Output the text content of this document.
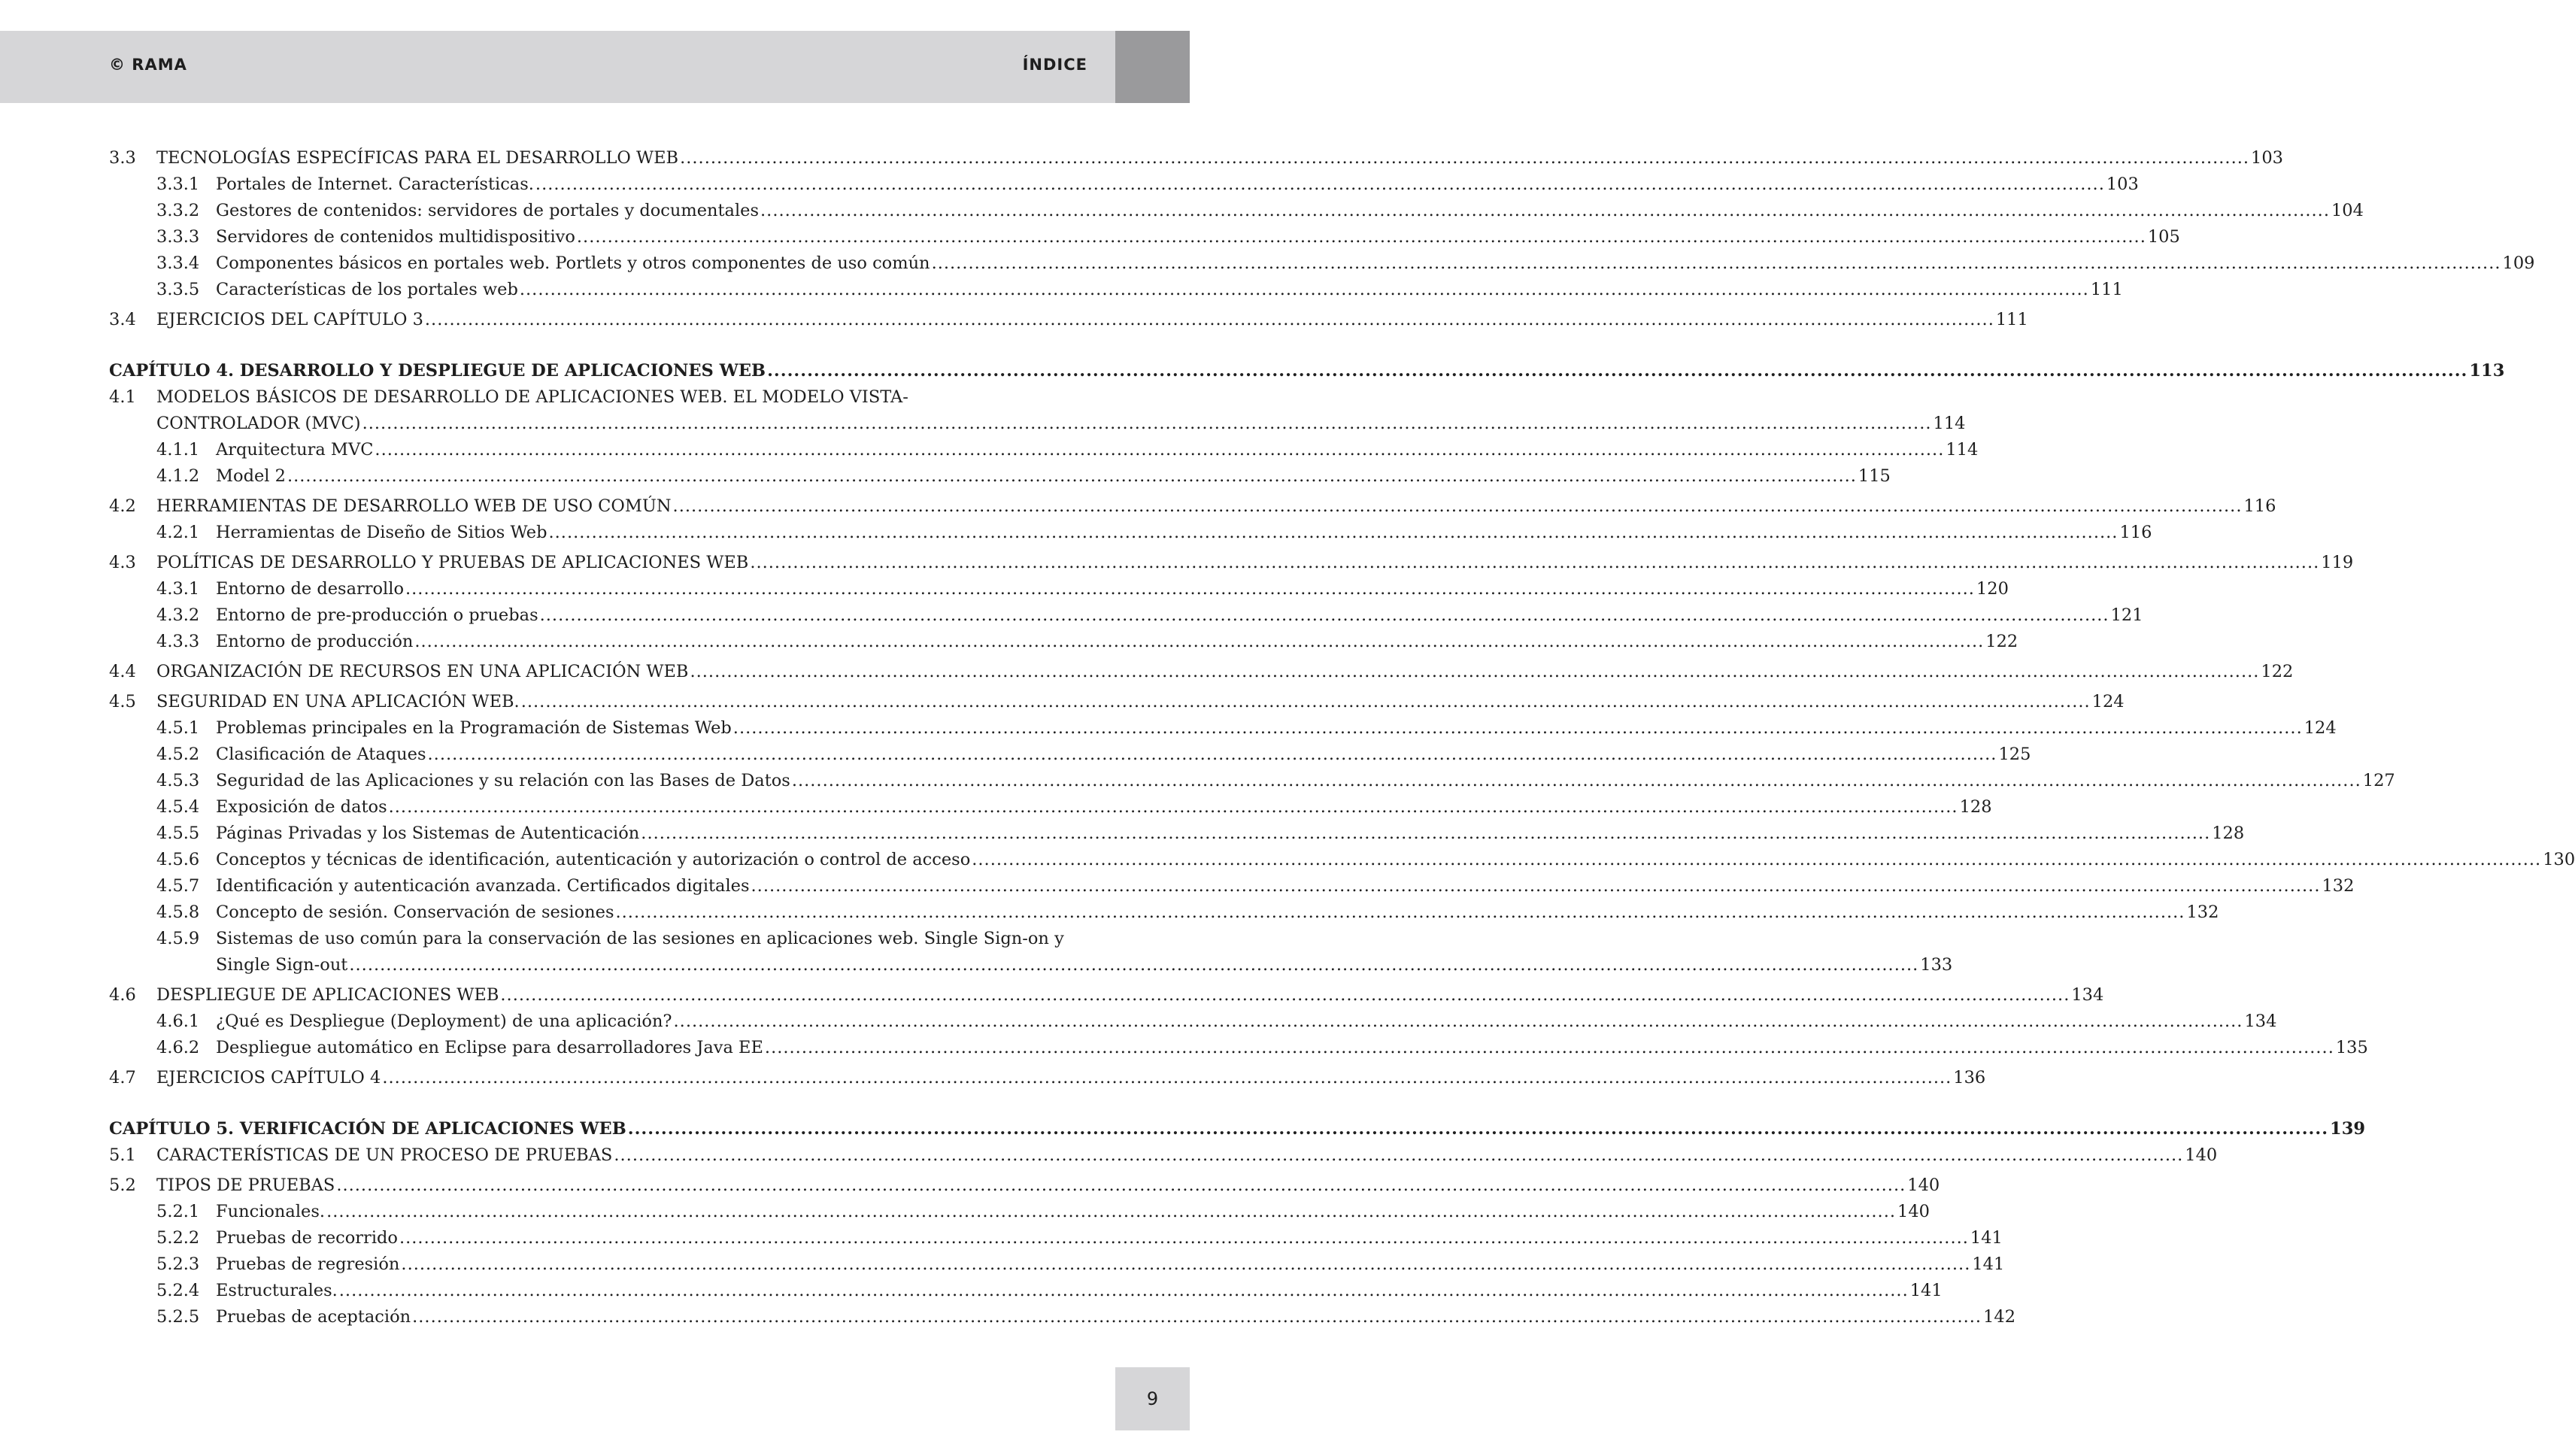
© RAMA	ÍNDICE
3.3	TECNOLOGÍAS ESPECÍFICAS PARA EL DESARROLLO WEB .....	103
3.3.1 Portales de Internet. Características. .....	103
3.3.2 Gestores de contenidos: servidores de portales y documentales .....	104
3.3.3 Servidores de contenidos multidispositivo .....	105
3.3.4 Componentes básicos en portales web. Portlets y otros componentes de uso común .....	109
3.3.5 Características de los portales web .....	111
3.4	EJERCICIOS DEL CAPÍTULO 3 .....	111
CAPÍTULO 4. DESARROLLO Y DESPLIEGUE DE APLICACIONES WEB .....	113
4.1	MODELOS BÁSICOS DE DESARROLLO DE APLICACIONES WEB. EL MODELO VISTA-
CONTROLADOR (MVC) .....	114
4.1.1 Arquitectura MVC .....	114
4.1.2 Model 2 .....	115
4.2	HERRAMIENTAS DE DESARROLLO WEB DE USO COMÚN .....	116
4.2.1 Herramientas de Diseño de Sitios Web .....	116
4.3	POLÍTICAS DE DESARROLLO Y PRUEBAS DE APLICACIONES WEB .....	119
4.3.1 Entorno de desarrollo .....	120
4.3.2 Entorno de pre-producción o pruebas .....	121
4.3.3 Entorno de producción .....	122
4.4	ORGANIZACIÓN DE RECURSOS EN UNA APLICACIÓN WEB .....	122
4.5	SEGURIDAD EN UNA APLICACIÓN WEB. .....	124
4.5.1 Problemas principales en la Programación de Sistemas Web .....	124
4.5.2 Clasificación de Ataques .....	125
4.5.3 Seguridad de las Aplicaciones y su relación con las Bases de Datos .....	127
4.5.4 Exposición de datos .....	128
4.5.5 Páginas Privadas y los Sistemas de Autenticación .....	128
4.5.6 Conceptos y técnicas de identificación, autenticación y autorización o control de acceso .....	130
4.5.7 Identificación y autenticación avanzada. Certificados digitales .....	132
4.5.8 Concepto de sesión. Conservación de sesiones .....	132
4.5.9 Sistemas de uso común para la conservación de las sesiones en aplicaciones web. Single Sign-on y
Single Sign-out .....	133
4.6	DESPLIEGUE DE APLICACIONES WEB .....	134
4.6.1 ¿Qué es Despliegue (Deployment) de una aplicación? .....	134
4.6.2 Despliegue automático en Eclipse para desarrolladores Java EE .....	135
4.7	EJERCICIOS CAPÍTULO 4 .....	136
CAPÍTULO 5. VERIFICACIÓN DE APLICACIONES WEB .....	139
5.1	CARACTERÍSTICAS DE UN PROCESO DE PRUEBAS .....	140
5.2	TIPOS DE PRUEBAS .....	140
5.2.1 Funcionales. .....	140
5.2.2 Pruebas de recorrido .....	141
5.2.3 Pruebas de regresión .....	141
5.2.4 Estructurales. .....	141
5.2.5 Pruebas de aceptación .....	142
9
